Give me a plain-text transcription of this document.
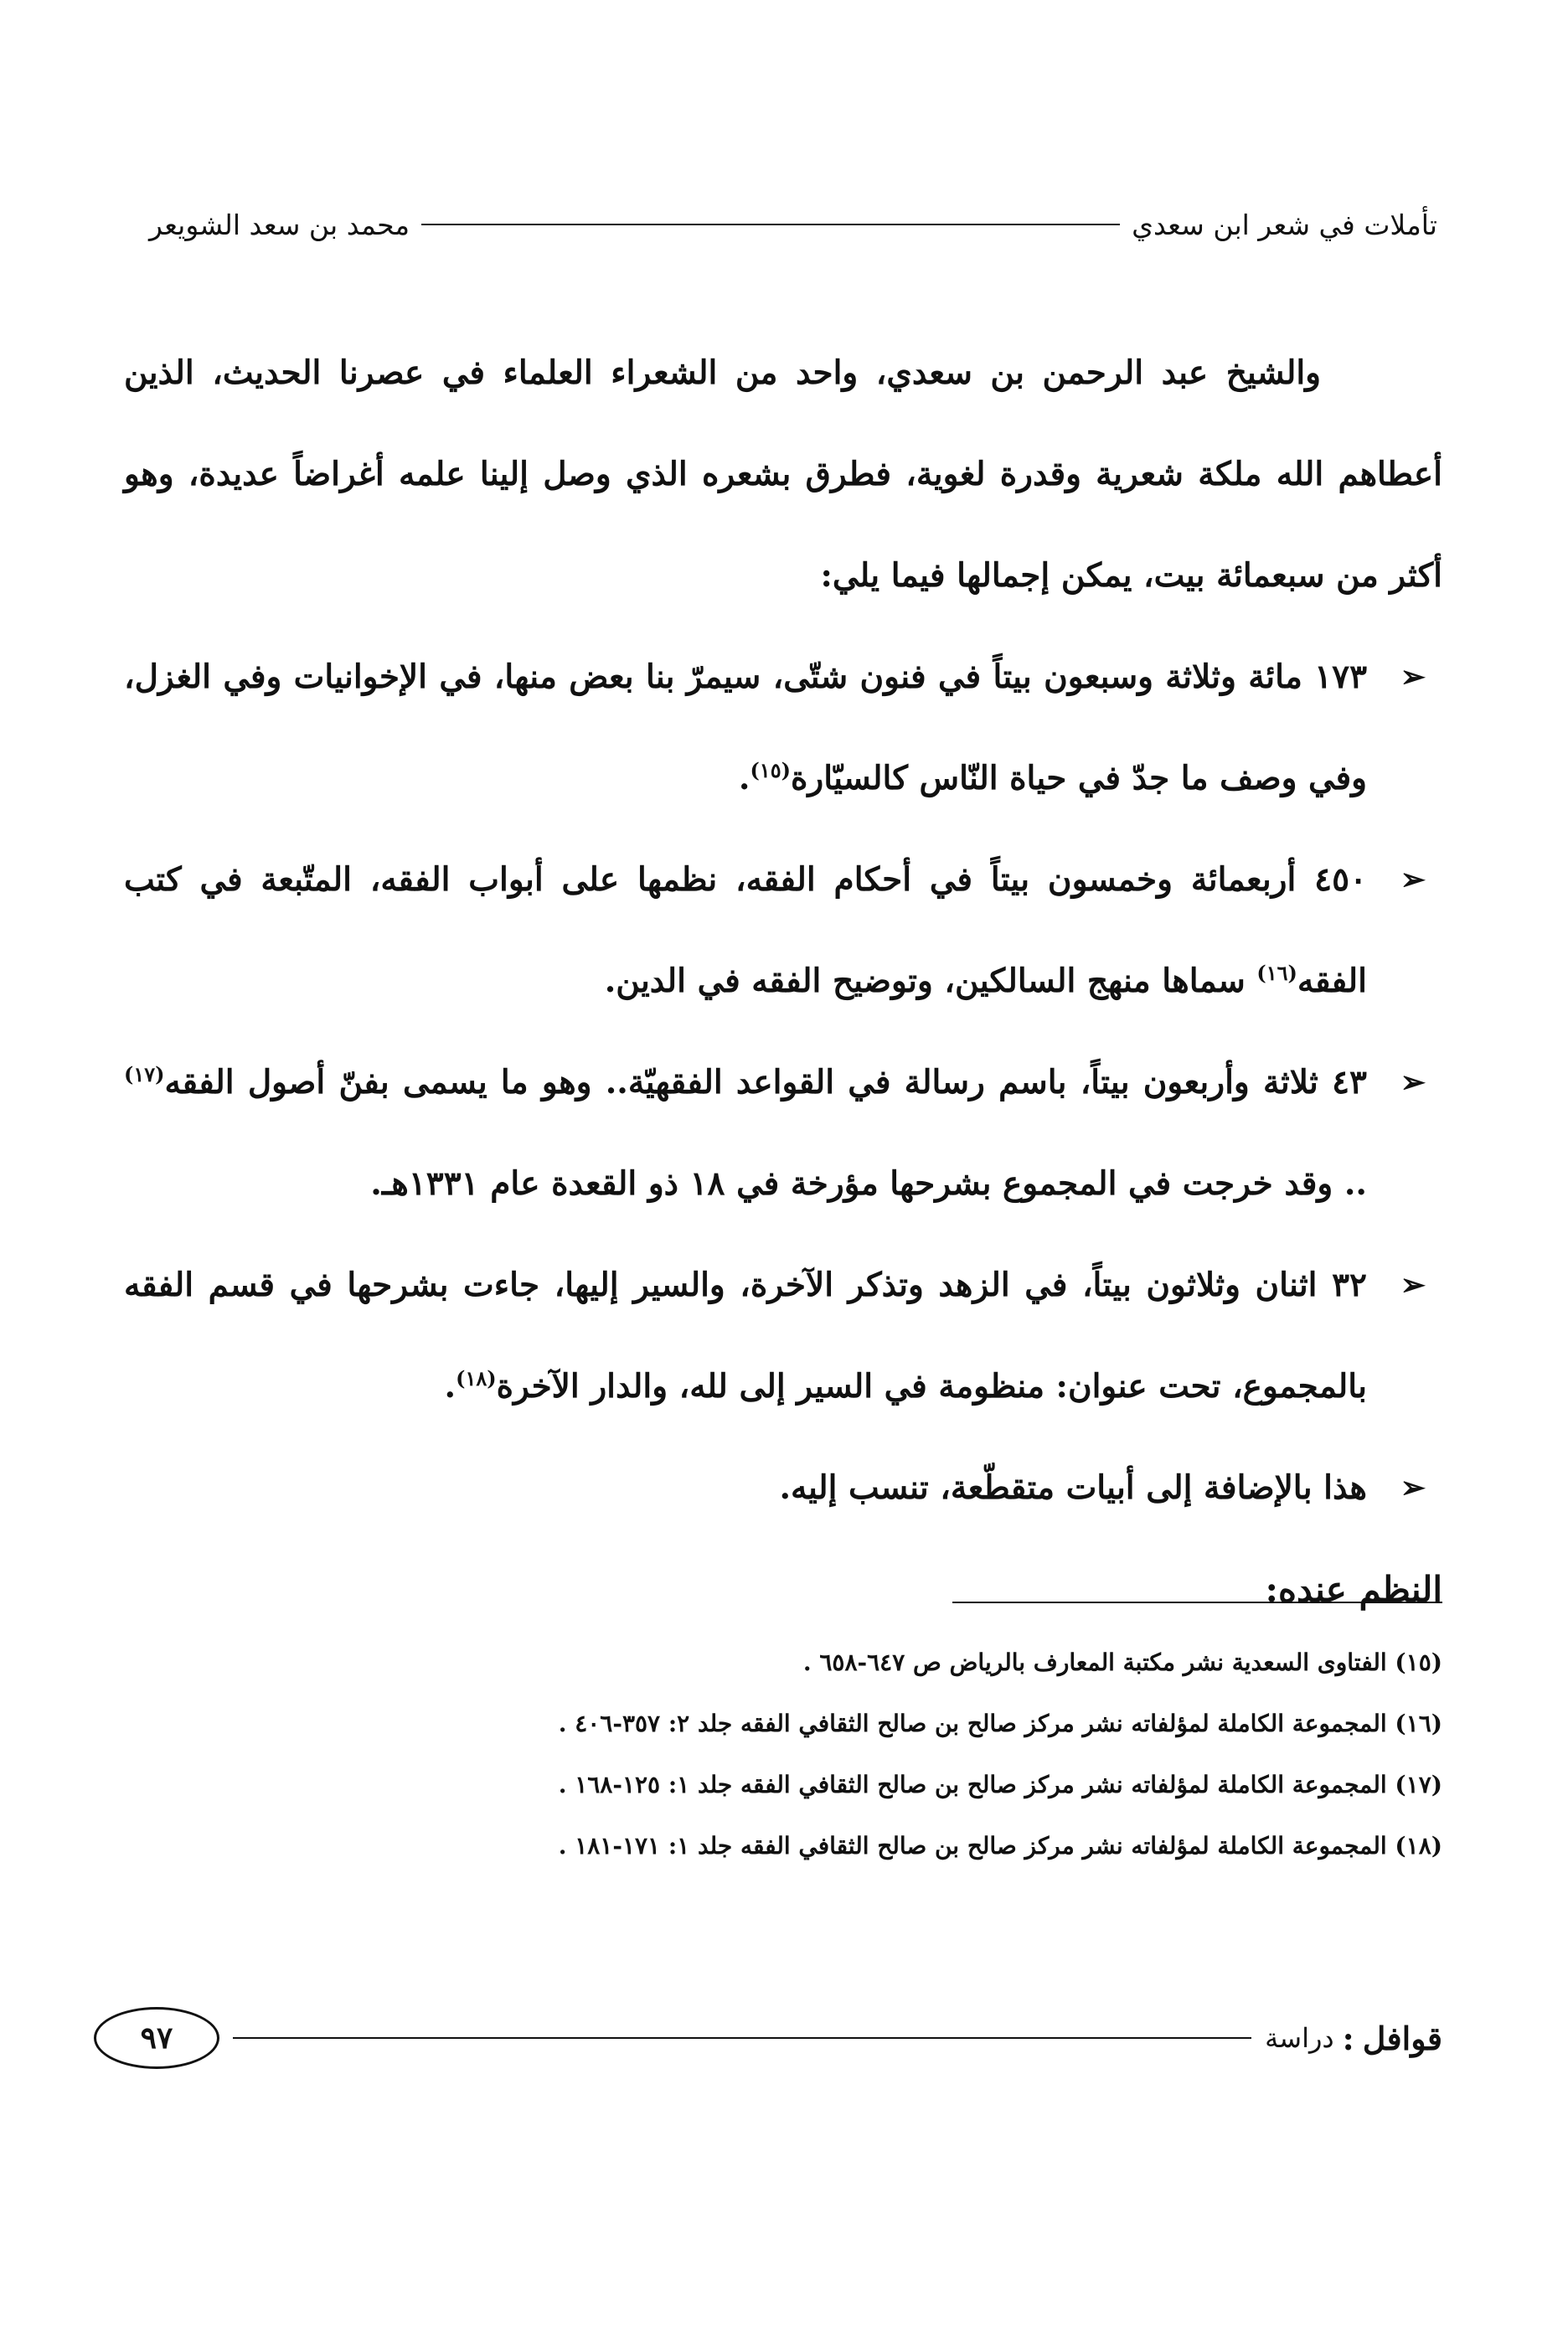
تأملات في شعر ابن سعدي
محمد بن سعد الشويعر

والشيخ عبد الرحمن بن سعدي، واحد من الشعراء العلماء في عصرنا الحديث، الذين أعطاهم الله ملكة شعرية وقدرة لغوية، فطرق بشعره الذي وصل إلينا علمه أغراضاً عديدة، وهو أكثر من سبعمائة بيت، يمكن إجمالها فيما يلي:

➢
١٧٣ مائة وثلاثة وسبعون بيتاً في فنون شتّى، سيمرّ بنا بعض منها، في الإخوانيات وفي الغزل، وفي وصف ما جدّ في حياة النّاس كالسيّارة$^{(١٥)}$.
➢
٤٥٠ أربعمائة وخمسون بيتاً في أحكام الفقه، نظمها على أبواب الفقه، المتّبعة في كتب الفقه$^{(١٦)}$ سماها منهج السالكين، وتوضيح الفقه في الدين.
➢
٤٣ ثلاثة وأربعون بيتاً، باسم رسالة في القواعد الفقهيّة.. وهو ما يسمى بفنّ أصول الفقه$^{(١٧)}$ .. وقد خرجت في المجموع بشرحها مؤرخة في ١٨ ذو القعدة عام ١٣٣١هـ.
➢
٣٢ اثنان وثلاثون بيتاً، في الزهد وتذكر الآخرة، والسير إليها، جاءت بشرحها في قسم الفقه بالمجموع، تحت عنوان: منظومة في السير إلى لله، والدار الآخرة$^{(١٨)}$.
➢
هذا بالإضافة إلى أبيات متقطّعة، تنسب إليه.

النظم عنده:

(١٥) الفتاوى السعدية نشر مكتبة المعارف بالرياض ص ٦٤٧-٦٥٨ .

(١٦) المجموعة الكاملة لمؤلفاته نشر مركز صالح بن صالح الثقافي الفقه جلد ٢: ٣٥٧-٤٠٦ .

(١٧) المجموعة الكاملة لمؤلفاته نشر مركز صالح بن صالح الثقافي الفقه جلد ١: ١٢٥-١٦٨ .

(١٨) المجموعة الكاملة لمؤلفاته نشر مركز صالح بن صالح الثقافي الفقه جلد ١: ١٧١-١٨١ .

قوافل
:
دراسة
٩٧
